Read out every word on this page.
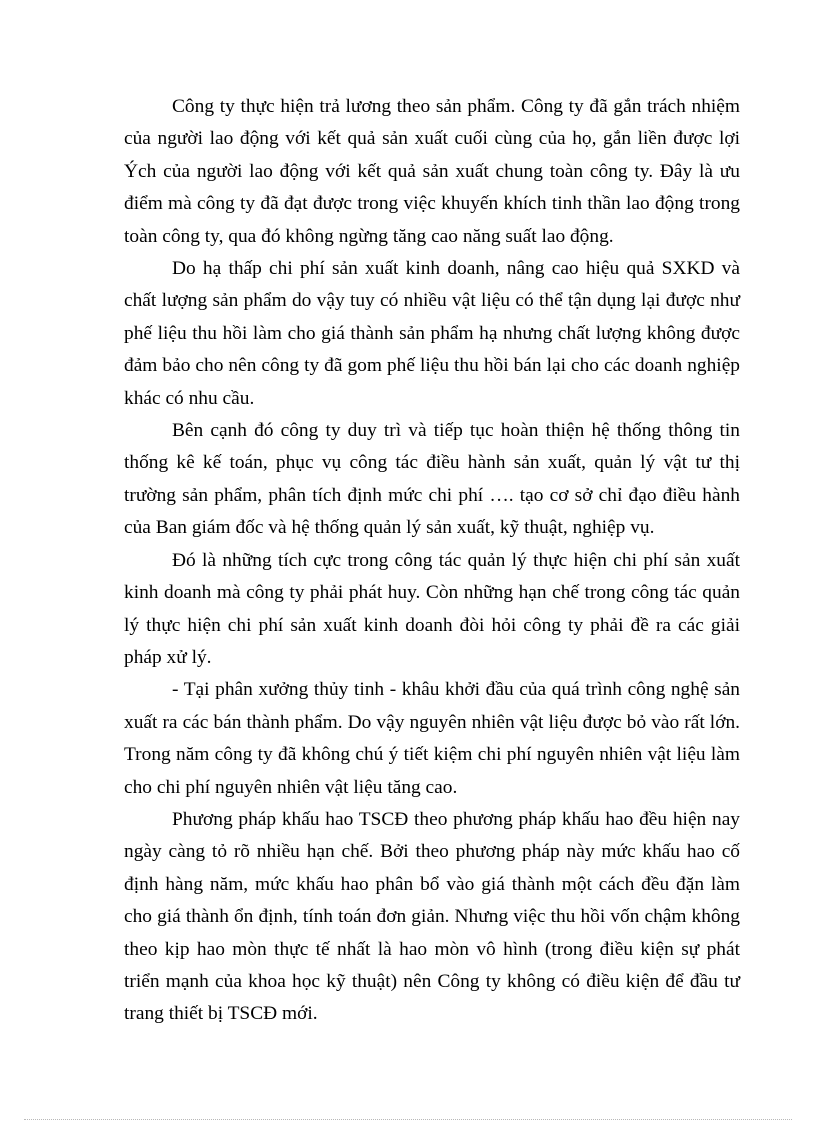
Công ty thực hiện trả lương theo sản phẩm. Công ty đã gắn trách nhiệm của người lao động với kết quả sản xuất cuối cùng của họ, gắn liền được lợi Ých của người lao động với kết quả sản xuất chung toàn công ty. Đây là ưu điểm mà công ty đã đạt được trong việc khuyến khích tinh thần lao động trong toàn công ty, qua đó không ngừng tăng cao năng suất lao động.

Do hạ thấp chi phí sản xuất kinh doanh, nâng cao hiệu quả SXKD và chất lượng sản phẩm do vậy tuy có nhiều vật liệu có thể tận dụng lại được như phế liệu thu hồi làm cho giá thành sản phẩm hạ nhưng chất lượng không được đảm bảo cho nên công ty đã gom phế liệu thu hồi bán lại cho các doanh nghiệp khác có nhu cầu.

Bên cạnh đó công ty duy trì và tiếp tục hoàn thiện hệ thống thông tin thống kê kế toán, phục vụ công tác điều hành sản xuất, quản lý vật tư thị trường sản phẩm, phân tích định mức chi phí …. tạo cơ sở chỉ đạo điều hành của Ban giám đốc và hệ thống quản lý sản xuất, kỹ thuật, nghiệp vụ.

Đó là những tích cực trong công tác quản lý thực hiện chi phí sản xuất kinh doanh mà công ty phải phát huy. Còn những hạn chế trong công tác quản lý thực hiện chi phí sản xuất kinh doanh đòi hỏi công ty phải đề ra các giải pháp xử lý.

- Tại phân xưởng thủy tinh - khâu khởi đầu của quá trình công nghệ sản xuất ra các bán thành phẩm. Do vậy nguyên nhiên vật liệu được bỏ vào rất lớn. Trong năm công ty đã không chú ý tiết kiệm chi phí nguyên nhiên vật liệu làm cho chi phí nguyên nhiên vật liệu tăng cao.

Phương pháp khấu hao TSCĐ theo phương pháp khấu hao đều hiện nay ngày càng tỏ rõ nhiều hạn chế. Bởi theo phương pháp này mức khấu hao cố định hàng năm, mức khấu hao phân bổ vào giá thành một cách đều đặn làm cho giá thành ổn định, tính toán đơn giản. Nhưng việc thu hồi vốn chậm không theo kịp hao mòn thực tế nhất là hao mòn vô hình (trong điều kiện sự phát triển mạnh của khoa học kỹ thuật) nên Công ty không có điều kiện để đầu tư trang thiết bị TSCĐ mới.
